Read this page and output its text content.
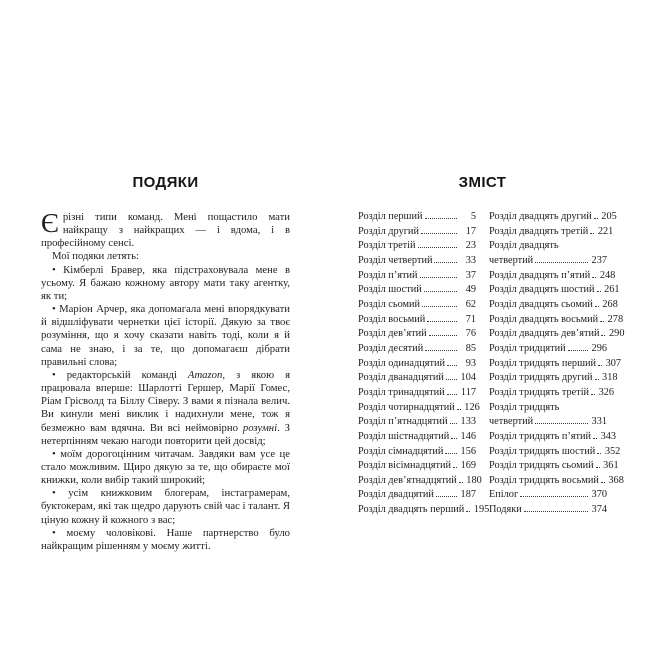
ПОДЯКИ

Єрізні типи команд. Мені пощастило мати найкращу з найкращих — і вдома, і в професійному сенсі.

Мої подяки летять:

• Кімберлі Бравер, яка підстраховувала мене в усьому. Я бажаю кожному автору мати таку агентку, як ти;

• Маріон Арчер, яка допомагала мені впорядкувати й відшліфувати чернетки цієї історії. Дякую за твоє розуміння, що я хочу сказати навіть тоді, коли я й сама не знаю, і за те, що допомагаєш дібрати правильні слова;

• редакторській команді Amazon, з якою я працювала вперше: Шарлотті Гершер, Марії Гомес, Ріам Грісволд та Біллу Сіверу. З вами я пізнала велич. Ви кинули мені виклик і надихнули мене, тож я безмежно вам вдячна. Ви всі неймовірно розумні. З нетерпінням чекаю нагоди повторити цей досвід;

• моїм дорогоцінним читачам. Завдяки вам усе це стало можливим. Щиро дякую за те, що обираєте мої книжки, коли вибір такий широкий;

• усім книжковим блогерам, інстаграмерам, буктокерам, які так щедро дарують свій час і талант. Я ціную кожну й кожного з вас;

• моєму чоловікові. Наше партнерство було найкращим рішенням у моєму житті.

ЗМІСТ
Розділ перший	5
Розділ другий	17
Розділ третій	23
Розділ четвертий	33
Розділ п’ятий	37
Розділ шостий	49
Розділ сьомий	62
Розділ восьмий	71
Розділ дев’ятий	76
Розділ десятий	85
Розділ одинадцятий	93
Розділ дванадцятий 104
Розділ тринадцятий 117
Розділ чотирнадцятий 126
Розділ п’ятнадцятий 133
Розділ шістнадцятий 146
Розділ сімнадцятий 156
Розділ вісімнадцятий 169
Розділ дев’ятнадцятий 180
Розділ двадцятий	187
Розділ двадцять перший 195
Розділ двадцять другий 205
Розділ двадцять третій 221
Розділ двадцять
четвертий	237
Розділ двадцять п’ятий 248
Розділ двадцять шостий 261
Розділ двадцять сьомий 268
Розділ двадцять восьмий 278
Розділ двадцять дев’ятий 290
Розділ тридцятий	296
Розділ тридцять перший 307
Розділ тридцять другий 318
Розділ тридцять третій 326
Розділ тридцять
четвертий	331
Розділ тридцять п’ятий 343
Розділ тридцять шостий 352
Розділ тридцять сьомий 361
Розділ тридцять восьмий 368
Епілог	370
Подяки	374
